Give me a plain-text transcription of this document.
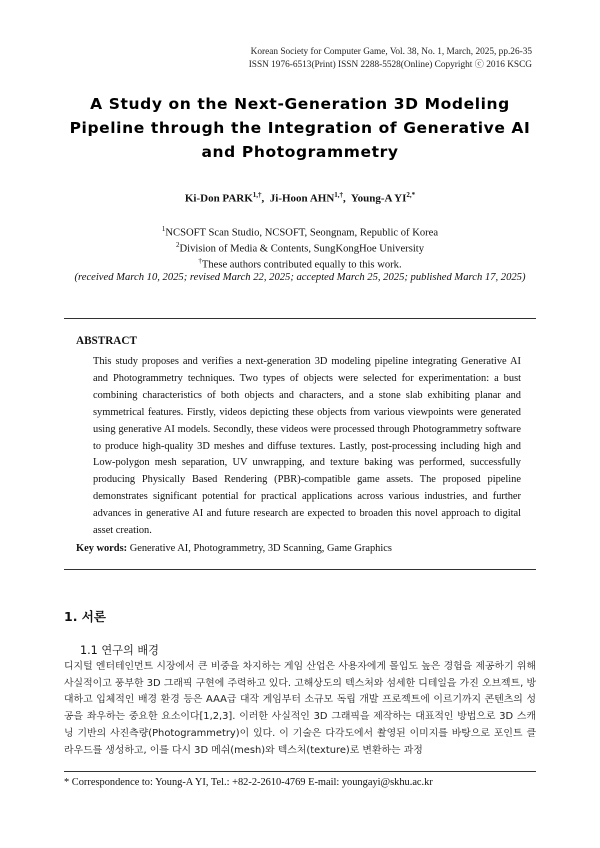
Korean Society for Computer Game, Vol. 38, No. 1, March, 2025, pp.26-35
ISSN 1976-6513(Print) ISSN 2288-5528(Online) Copyright ⓒ 2016 KSCG
A Study on the Next-Generation 3D Modeling Pipeline through the Integration of Generative AI and Photogrammetry
Ki-Don $PARK^{1,\dagger}$,  Ji-Hoon $AHN^{1,\dagger}$,  Young-A $YI^{2,*}$
$^1$NCSOFT Scan Studio, NCSOFT, Seongnam, Republic of Korea
$^2$Division of Media & Contents, SungKongHoe University
†These authors contributed equally to this work.
(received March 10, 2025; revised March 22, 2025; accepted March 25, 2025; published March 17, 2025)
ABSTRACT
This study proposes and verifies a next-generation 3D modeling pipeline integrating Generative AI and Photogrammetry techniques. Two types of objects were selected for experimentation: a bust combining characteristics of both objects and characters, and a stone slab exhibiting planar and symmetrical features. Firstly, videos depicting these objects from various viewpoints were generated using generative AI models. Secondly, these videos were processed through Photogrammetry software to produce high-quality 3D meshes and diffuse textures. Lastly, post-processing including high and Low-polygon mesh separation, UV unwrapping, and texture baking was performed, successfully producing Physically Based Rendering (PBR)-compatible game assets. The proposed pipeline demonstrates significant potential for practical applications across various industries, and further advances in generative AI and future research are expected to broaden this novel approach to digital asset creation.
Key words: Generative AI, Photogrammetry, 3D Scanning, Game Graphics
1. 서론
1.1 연구의 배경
디지털 엔터테인먼트 시장에서 큰 비중을 차지하는 게임 산업은 사용자에게 몰입도 높은 경험을 제공하기 위해 사실적이고 풍부한 3D 그래픽 구현에 주력하고 있다. 고해상도의 텍스처와 섬세한 디테일을 가진 오브젝트, 방대하고 입체적인 배경 환경 등은 AAA급 대작 게임부터 소규모 독립 개발 프로젝트에 이르기까지 콘텐츠의 성공을 좌우하는 중요한 요소이다[1,2,3]. 이러한 사실적인 3D 그래픽을 제작하는 대표적인 방법으로 3D 스캐닝 기반의 사진측량(Photogrammetry)이 있다. 이 기술은 다각도에서 촬영된 이미지를 바탕으로 포인트 클라우드를 생성하고, 이를 다시 3D 메쉬(mesh)와 텍스처(texture)로 변환하는 과정
* Correspondence to: Young-A YI, Tel.: +82-2-2610-4769 E-mail: youngayi@skhu.ac.kr
